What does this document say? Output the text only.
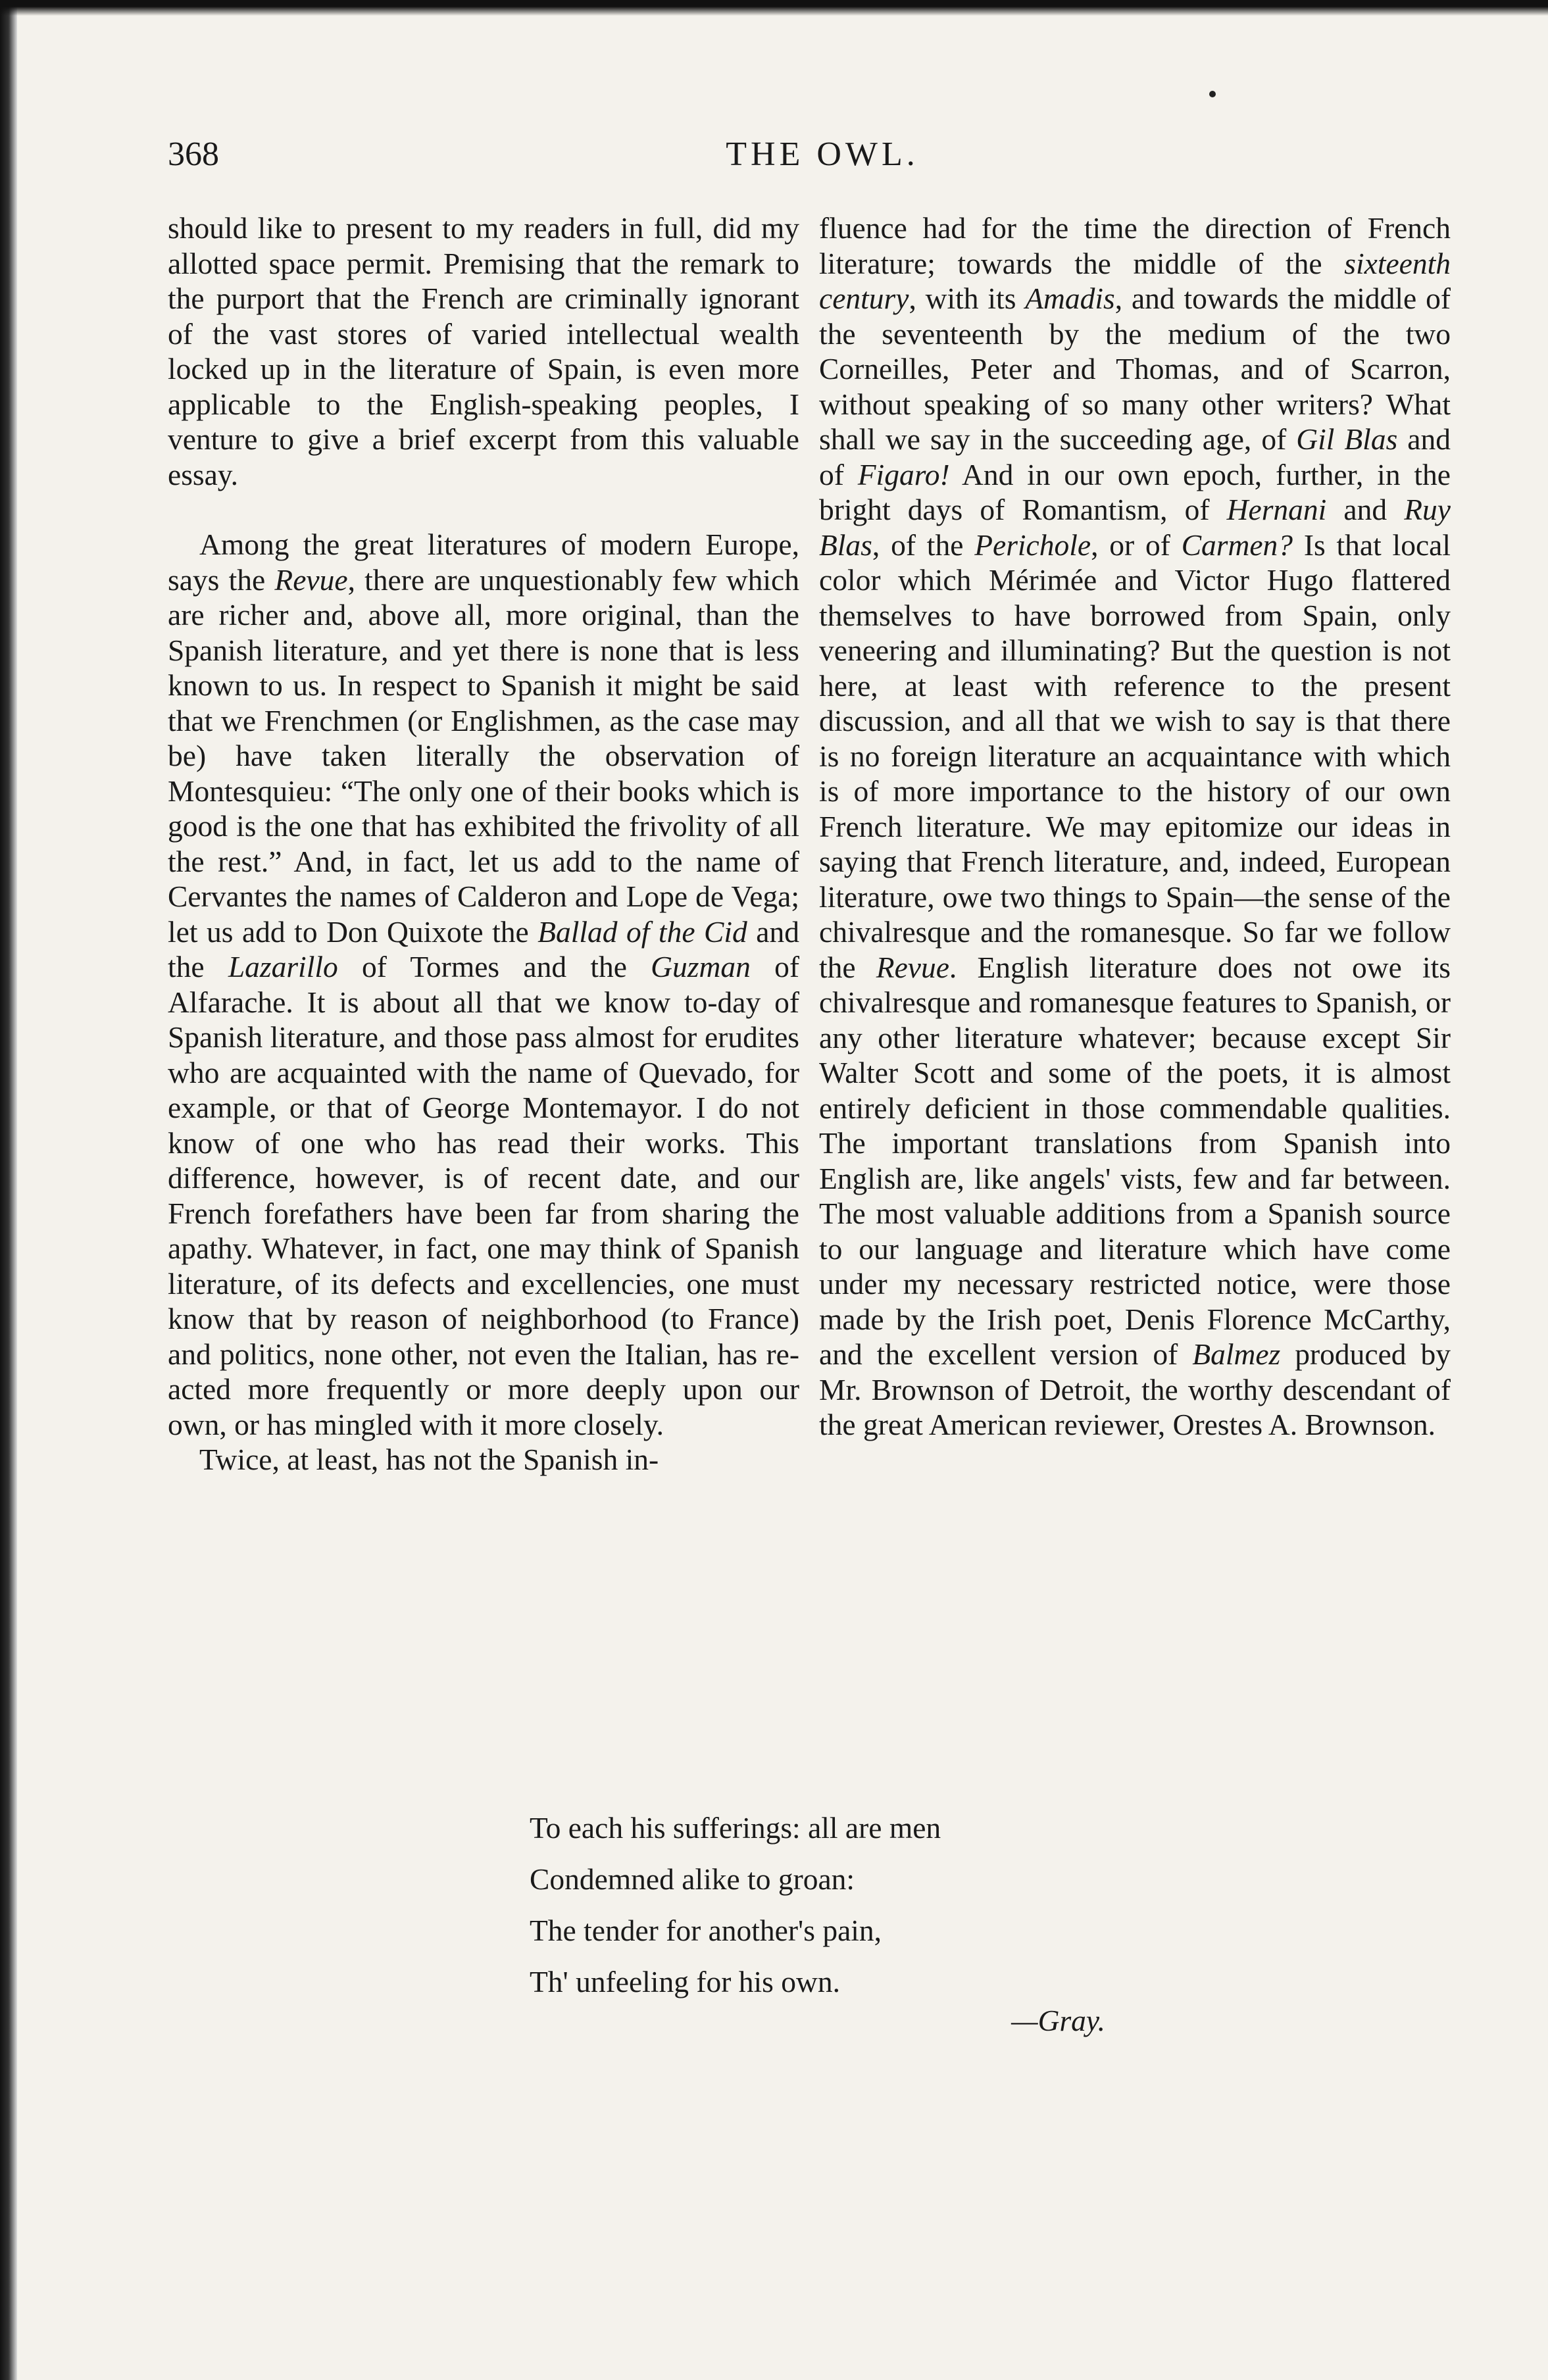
368	THE OWL.

should like to present to my readers in full, did my allotted space permit. Premising that the remark to the purport that the French are criminally ignorant of the vast stores of varied intellectual wealth locked up in the literature of Spain, is even more applicable to the English-speaking peoples, I venture to give a brief excerpt from this valuable essay.

Among the great literatures of modern Europe, says the Revue, there are unquestionably few which are richer and, above all, more original, than the Spanish literature, and yet there is none that is less known to us. In respect to Spanish it might be said that we Frenchmen (or Englishmen, as the case may be) have taken literally the observation of Montesquieu: “The only one of their books which is good is the one that has exhibited the frivolity of all the rest.” And, in fact, let us add to the name of Cervantes the names of Calderon and Lope de Vega; let us add to Don Quixote the Ballad of the Cid and the Lazarillo of Tormes and the Guzman of Alfarache. It is about all that we know to-day of Spanish literature, and those pass almost for erudites who are acquainted with the name of Quevado, for example, or that of George Montemayor. I do not know of one who has read their works. This difference, however, is of recent date, and our French forefathers have been far from sharing the apathy. Whatever, in fact, one may think of Spanish literature, of its defects and excellencies, one must know that by reason of neighborhood (to France) and politics, none other, not even the Italian, has re-acted more frequently or more deeply upon our own, or has mingled with it more closely.

Twice, at least, has not the Spanish in-

fluence had for the time the direction of French literature; towards the middle of the sixteenth century, with its Amadis, and towards the middle of the seventeenth by the medium of the two Corneilles, Peter and Thomas, and of Scarron, without speaking of so many other writers? What shall we say in the succeeding age, of Gil Blas and of Figaro! And in our own epoch, further, in the bright days of Romantism, of Hernani and Ruy Blas, of the Perichole, or of Carmen? Is that local color which Mérimée and Victor Hugo flattered themselves to have borrowed from Spain, only veneering and illuminating? But the question is not here, at least with reference to the present discussion, and all that we wish to say is that there is no foreign literature an acquaintance with which is of more importance to the history of our own French literature. We may epitomize our ideas in saying that French literature, and, indeed, European literature, owe two things to Spain—the sense of the chivalresque and the romanesque. So far we follow the Revue. English literature does not owe its chivalresque and romanesque features to Spanish, or any other literature whatever; because except Sir Walter Scott and some of the poets, it is almost entirely deficient in those commendable qualities. The important translations from Spanish into English are, like angels' vists, few and far between. The most valuable additions from a Spanish source to our language and literature which have come under my necessary restricted notice, were those made by the Irish poet, Denis Florence McCarthy, and the excellent version of Balmez produced by Mr. Brownson of Detroit, the worthy descendant of the great American reviewer, Orestes A. Brownson.

To each his sufferings: all are men
Condemned alike to groan:
The tender for another's pain,
Th' unfeeling for his own.
—Gray.
